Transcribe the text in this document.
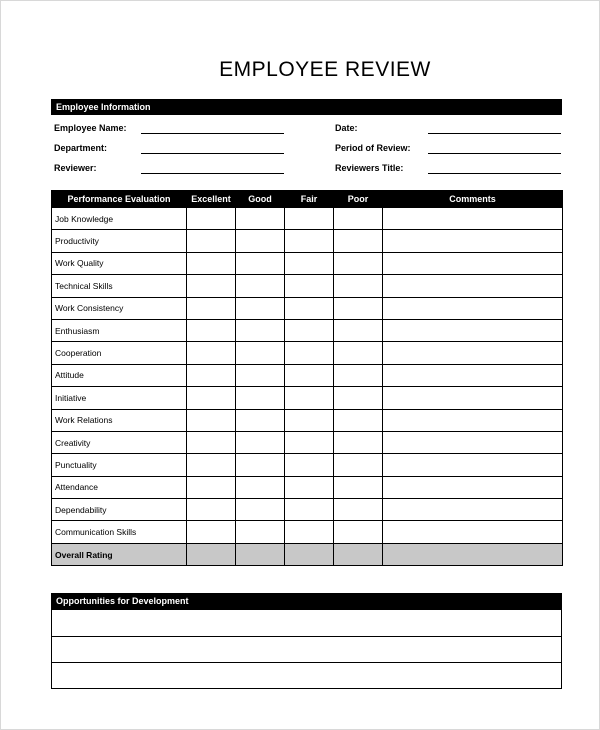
EMPLOYEE REVIEW
Employee Information
Employee Name:	Date:
Department:	Period of Review:
Reviewer:	Reviewers Title:
Performance Evaluation	Excellent	Good	Fair	Poor	Comments
Job Knowledge					
Productivity					
Work Quality					
Technical Skills					
Work Consistency					
Enthusiasm					
Cooperation					
Attitude					
Initiative					
Work Relations					
Creativity					
Punctuality					
Attendance					
Dependability					
Communication Skills					
Overall Rating					
Opportunities for Development
